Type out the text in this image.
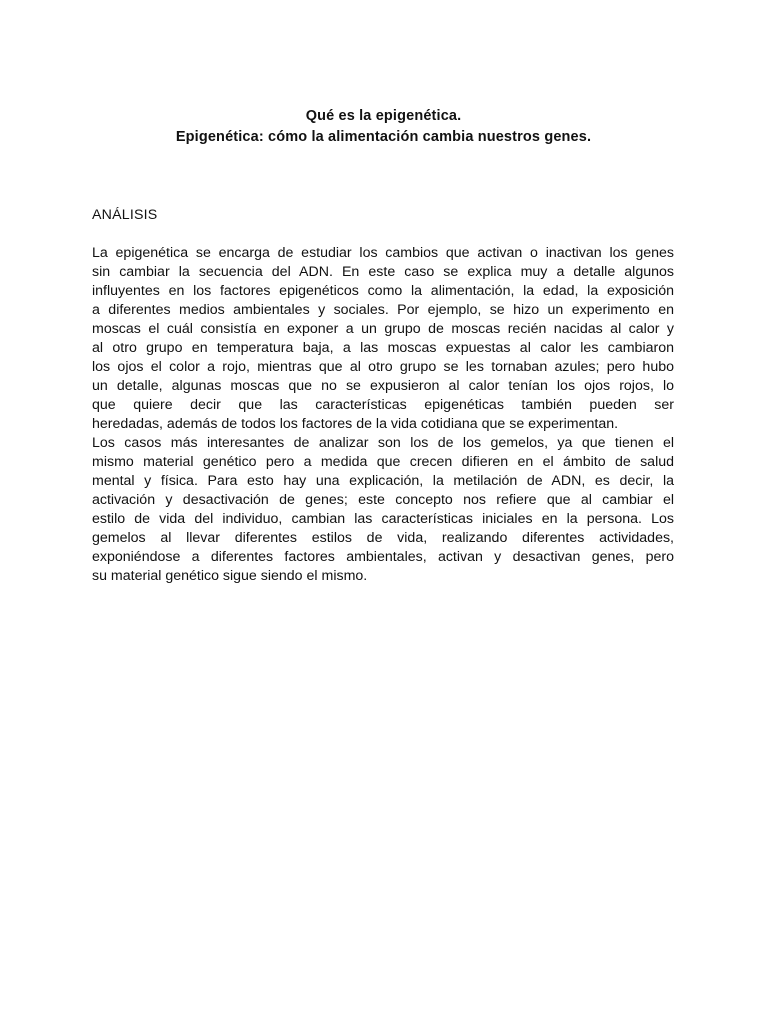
Qué es la epigenética.
Epigenética: cómo la alimentación cambia nuestros genes.
ANÁLISIS
La epigenética se encarga de estudiar los cambios que activan o inactivan los genes
sin cambiar la secuencia del ADN. En este caso se explica muy a detalle algunos
influyentes en los factores epigenéticos como la alimentación, la edad, la exposición
a diferentes medios ambientales y sociales. Por ejemplo, se hizo un experimento en
moscas el cuál consistía en exponer a un grupo de moscas recién nacidas al calor y
al otro grupo en temperatura baja, a las moscas expuestas al calor les cambiaron
los ojos el color a rojo, mientras que al otro grupo se les tornaban azules; pero hubo
un detalle, algunas moscas que no se expusieron al calor tenían los ojos rojos, lo
que quiere decir que las características epigenéticas también pueden ser
heredadas, además de todos los factores de la vida cotidiana que se experimentan.
Los casos más interesantes de analizar son los de los gemelos, ya que tienen el
mismo material genético pero a medida que crecen difieren en el ámbito de salud
mental y física. Para esto hay una explicación, la metilación de ADN, es decir, la
activación y desactivación de genes; este concepto nos refiere que al cambiar el
estilo de vida del individuo, cambian las características iniciales en la persona. Los
gemelos al llevar diferentes estilos de vida, realizando diferentes actividades,
exponiéndose a diferentes factores ambientales, activan y desactivan genes, pero
su material genético sigue siendo el mismo.
